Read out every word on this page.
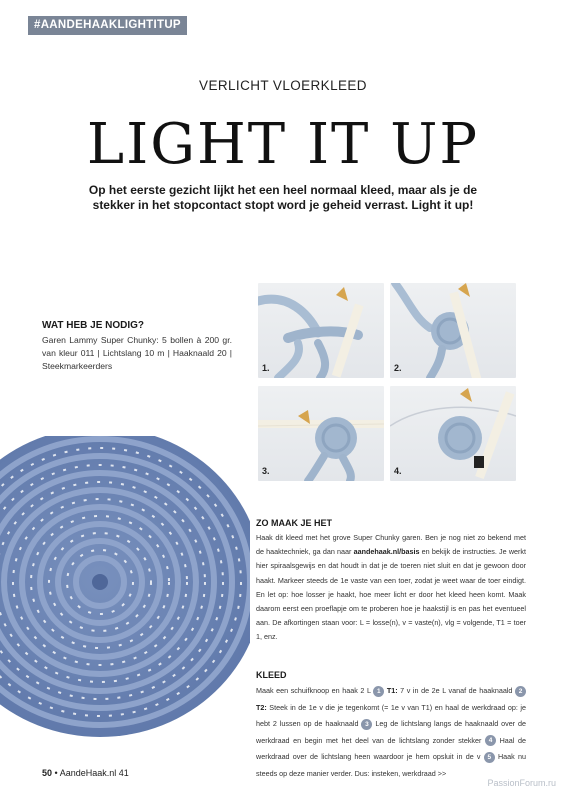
#AANDEHAAKLIGHTITUP
VERLICHT VLOERKLEED
LIGHT IT UP
Op het eerste gezicht lijkt het een heel normaal kleed, maar als je de stekker in het stopcontact stopt word je geheid verrast. Light it up!
WAT HEB JE NODIG?
Garen Lammy Super Chunky: 5 bollen à 200 gr. van kleur 011 | Lichtslang 10 m | Haaknaald 20 | Steekmarkeerders	1.	2.
3.	4.
ZO MAAK JE HET
Haak dit kleed met het grove Super Chunky garen. Ben je nog niet zo bekend met de haaktechniek, ga dan naar aandehaak.nl/basis en bekijk de instructies. Je werkt hier spiraalsgewijs en dat houdt in dat je de toeren niet sluit en dat je gewoon door haakt. Markeer steeds de 1e vaste van een toer, zodat je weet waar de toer eindigt. En let op: hoe losser je haakt, hoe meer licht er door het kleed heen komt. Maak daarom eerst een proeflapje om te proberen hoe je haakstijl is en pas het eventueel aan. De afkortingen staan voor: L = losse(n), v = vaste(n), vlg = volgende, T1 = toer 1, enz.
KLEED
Maak een schuifknoop en haak 2 L 1 T1: 7 v in de 2e L vanaf de haaknaald 2 T2: Steek in de 1e v die je tegenkomt (= 1e v van T1) en haal de werkdraad op: je hebt 2 lussen op de haaknaald 3 Leg de lichtslang langs de haaknaald over de werkdraad en begin met het deel van de lichtslang zonder stekker 4 Haal de werkdraad over de lichtslang heen waardoor je hem opsluit in de v 5 Haak nu steeds op deze manier verder. Dus: insteken, werkdraad >>
50 • AandeHaak.nl 41
PassionForum.ru
